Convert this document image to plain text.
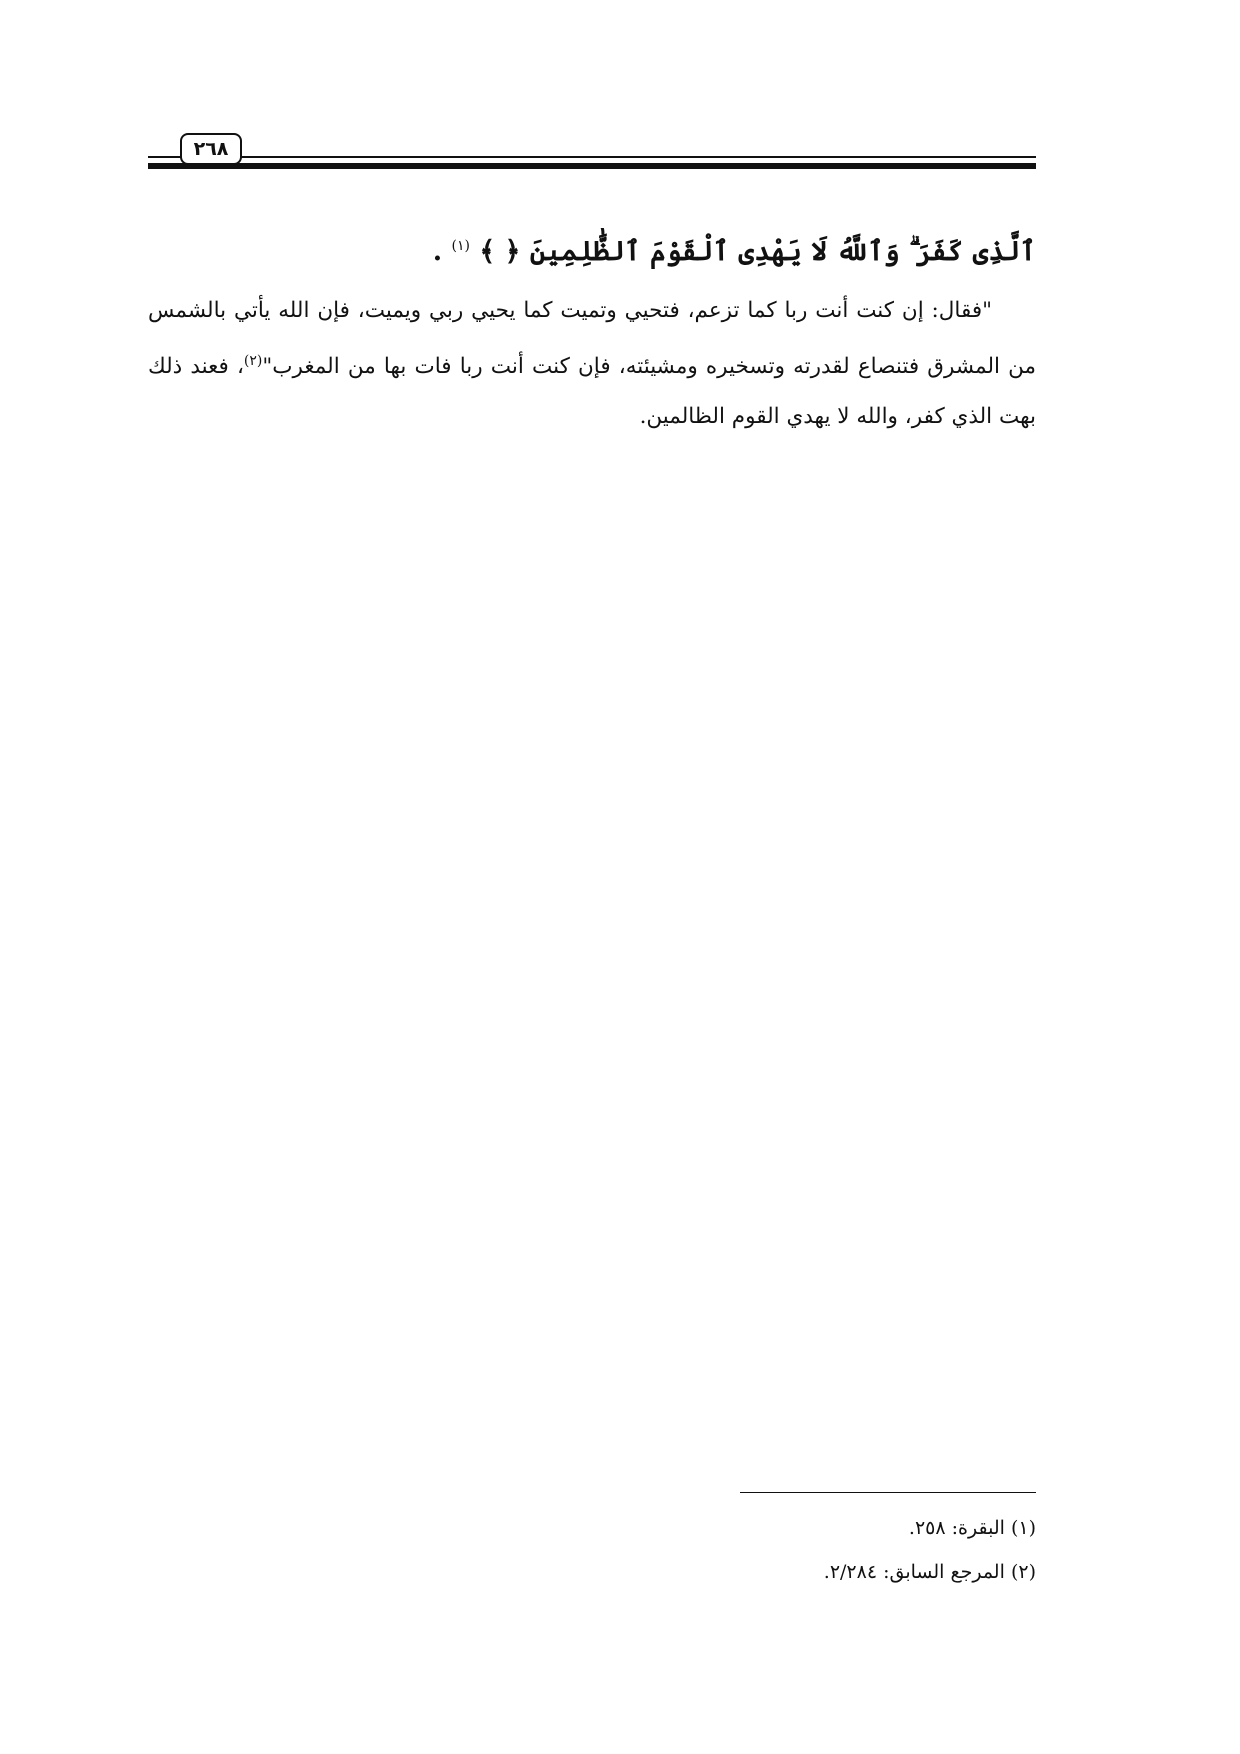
٢٦٨
ٱلَّذِى كَفَرَ ۗ وَٱللَّهُ لَا يَهْدِى ٱلْقَوْمَ ٱلظَّٰلِمِينَ ﴿ ﴾ $^{(١)}$ .
"فقال: إن كنت أنت ربا كما تزعم، فتحيي وتميت كما يحيي ربي ويميت، فإن الله يأتي بالشمس من المشرق فتنصاع لقدرته وتسخيره ومشيئته، فإن كنت أنت ربا فات بها من المغرب"$^{(٢)}$، فعند ذلك بهت الذي كفر، والله لا يهدي القوم الظالمين.
(١) البقرة: ٢٥٨.
(٢) المرجع السابق: ٢/٢٨٤.
